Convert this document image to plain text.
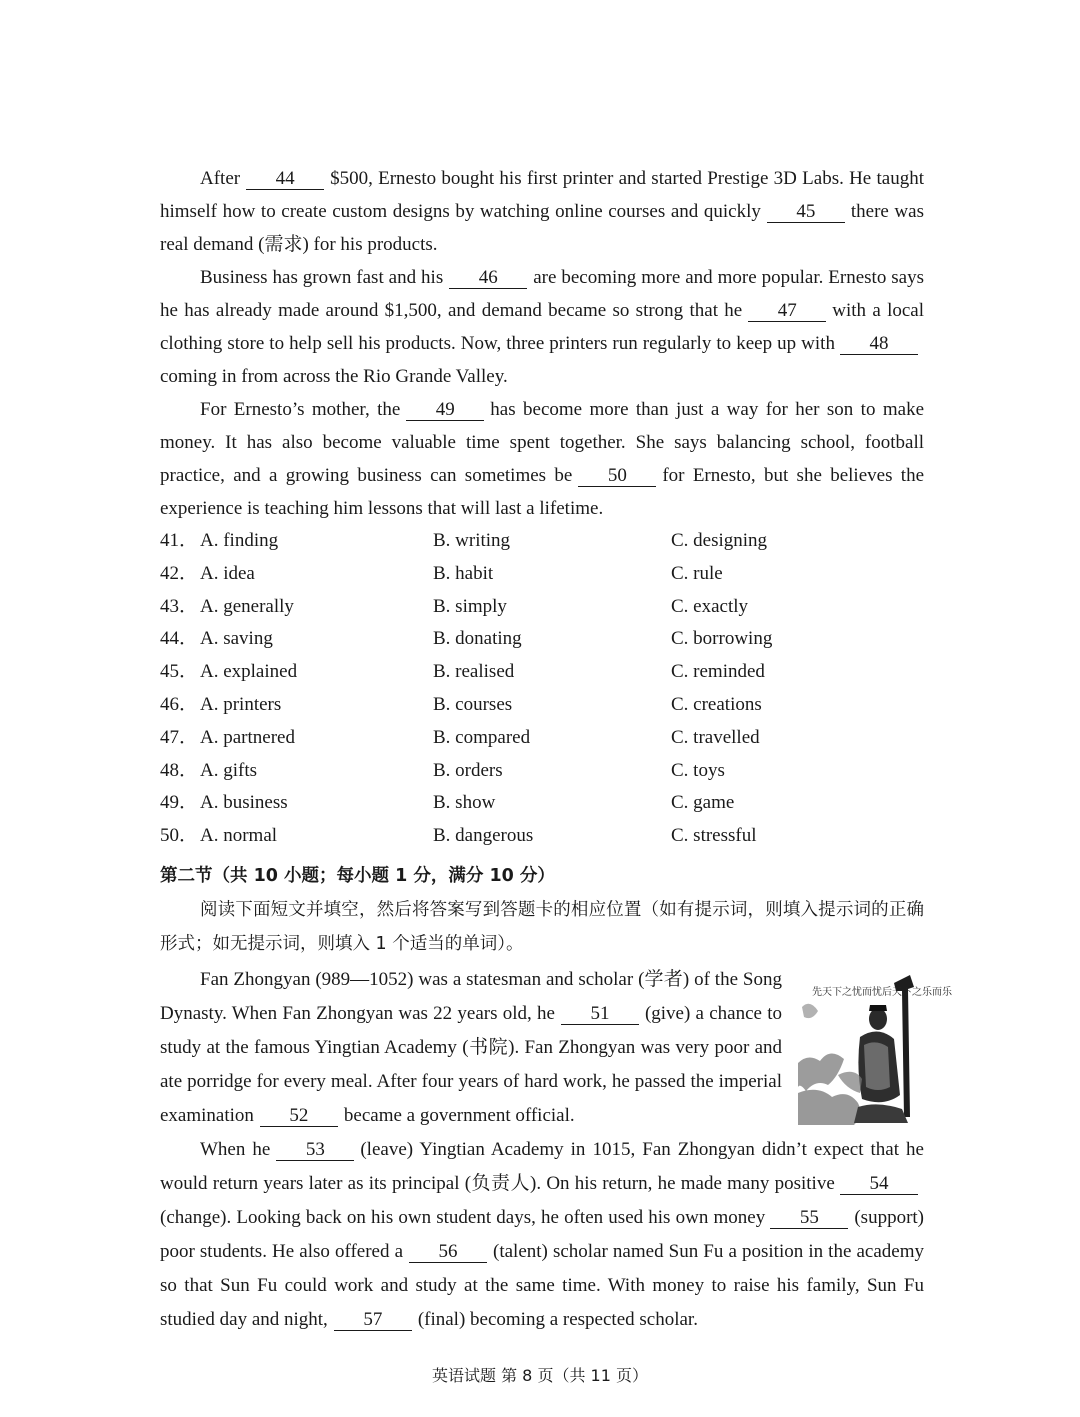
After 44 $500, Ernesto bought his first printer and started Prestige 3D Labs. He taught himself how to create custom designs by watching online courses and quickly 45 there was real demand (需求) for his products.

Business has grown fast and his 46 are becoming more and more popular. Ernesto says he has already made around $1,500, and demand became so strong that he 47 with a local clothing store to help sell his products. Now, three printers run regularly to keep up with 48coming in from across the Rio Grande Valley.

For Ernesto’s mother, the 49 has become more than just a way for her son to make money. It has also become valuable time spent together. She says balancing school, football practice, and a growing business can sometimes be 50 for Ernesto, but she believes the experience is teaching him lessons that will last a lifetime.

41． A. finding	B. writing	C. designing
42． A. idea	B. habit	C. rule
43． A. generally	B. simply	C. exactly
44． A. saving	B. donating	C. borrowing
45． A. explained	B. realised	C. reminded
46． A. printers	B. courses	C. creations
47． A. partnered	B. compared	C. travelled
48． A. gifts	B. orders	C. toys
49． A. business	B. show	C. game
50． A. normal	B. dangerous	C. stressful
第二节（共 10 小题；每小题 1 分，满分 10 分）
阅读下面短文并填空，然后将答案写到答题卡的相应位置（如有提示词，则填入提示词的正确形式；如无提示词，则填入 1 个适当的单词）。

Fan Zhongyan (989—1052) was a statesman and scholar (学者) of the Song Dynasty. When Fan Zhongyan was 22 years old, he 51 (give) a chance to study at the famous Yingtian Academy (书院). Fan Zhongyan was very poor and ate porridge for every meal. After four years of hard work, he passed the imperial examination 52 became a government official.

先天下之忧而忧后天下之乐而乐

When he 53 (leave) Yingtian Academy in 1015, Fan Zhongyan didn’t expect that he would return years later as its principal (负责人). On his return, he made many positive 54(change). Looking back on his own student days, he often used his own money 55 (support) poor students. He also offered a 56 (talent) scholar named Sun Fu a position in the academy so that Sun Fu could work and study at the same time. With money to raise his family, Sun Fu studied day and night, 57 (final) becoming a respected scholar.

英语试题 第 8 页（共 11 页）
